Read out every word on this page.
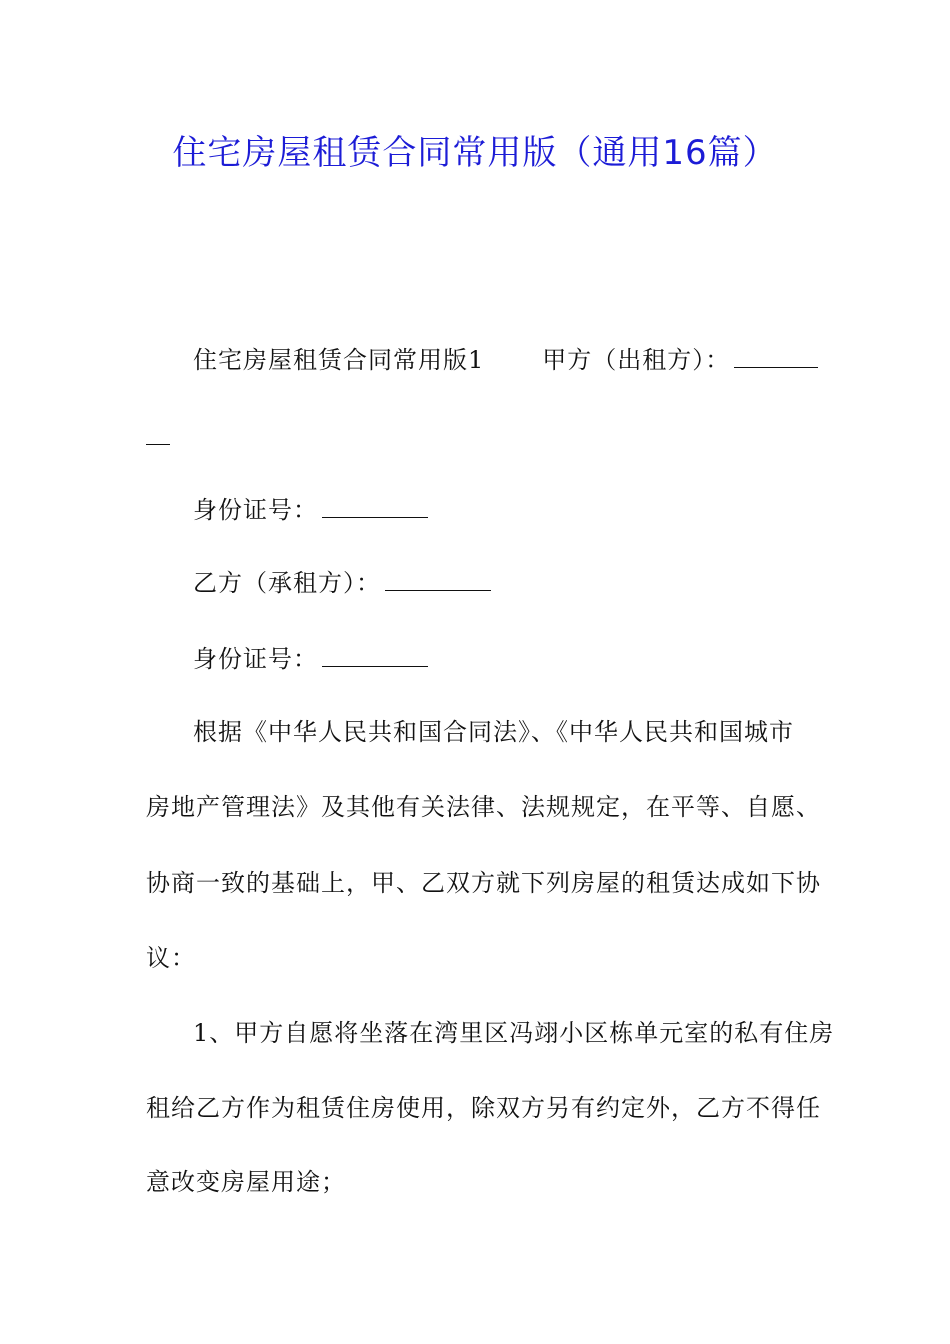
住宅房屋租赁合同常用版（通用16篇）
住宅房屋租赁合同常用版1 甲方（出租方）：
身份证号：
乙方（承租方）：
身份证号：
根据《中华人民共和国合同法》、《中华人民共和国城市
房地产管理法》及其他有关法律、法规规定，在平等、自愿、
协商一致的基础上，甲、乙双方就下列房屋的租赁达成如下协
议：
1、甲方自愿将坐落在湾里区冯翊小区栋单元室的私有住房
租给乙方作为租赁住房使用，除双方另有约定外，乙方不得任
意改变房屋用途；
